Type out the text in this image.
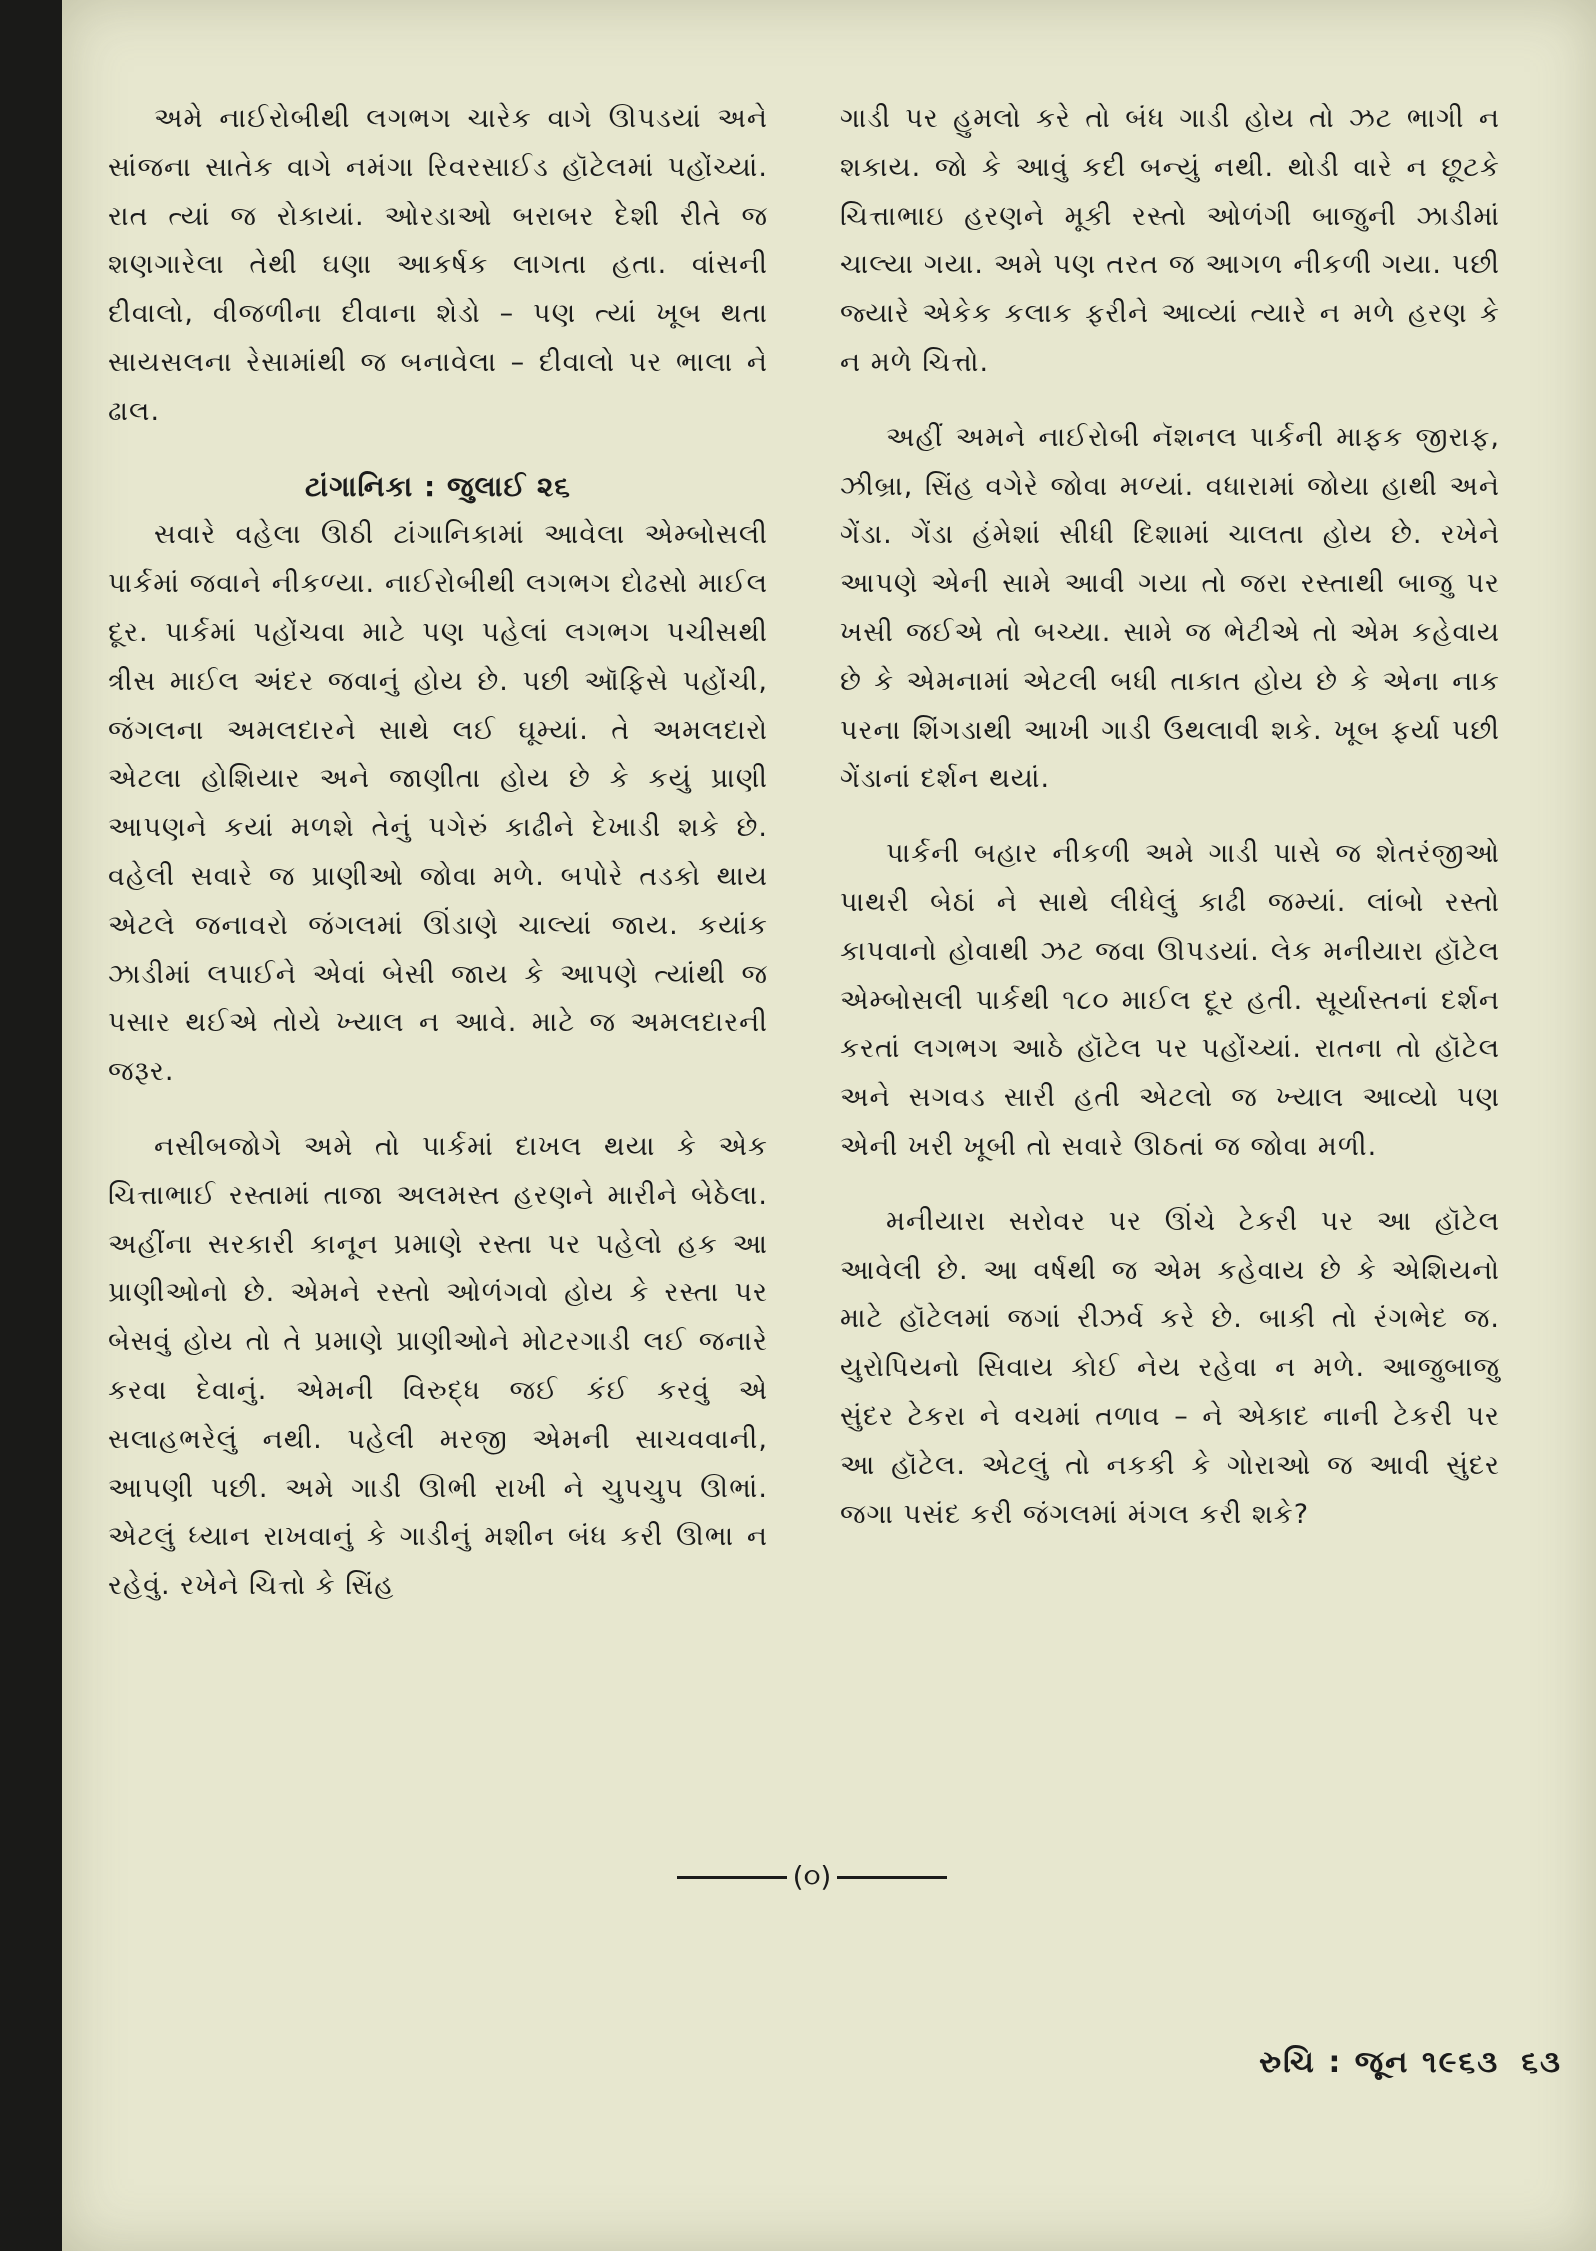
અમે નાઈરોબીથી લગભગ ચારેક વાગે ઊપડયાં અને સાંજના સાતેક વાગે નમંગા રિવરસાઈડ હૉટેલમાં પહોંચ્યાં. રાત ત્યાં જ રોકાયાં. ઓરડાઓ બરાબર દેશી રીતે જ શણગારેલા તેથી ઘણા આકર્ષક લાગતા હતા. વાંસની દીવાલો, વીજળીના દીવાના શેડો – પણ ત્યાં ખૂબ થતા સાયસલના રેસામાંથી જ બનાવેલા – દીવાલો પર ભાલા ને ઢાલ.

ટાંગાનિકા : જુલાઈ ૨૬

સવારે વહેલા ઊઠી ટાંગાનિકામાં આવેલા એમ્બોસલી પાર્કમાં જવાને નીકળ્યા. નાઈરોબીથી લગભગ દોઢસો માઈલ દૂર. પાર્કમાં પહોંચવા માટે પણ પહેલાં લગભગ પચીસથી ત્રીસ માઈલ અંદર જવાનું હોય છે. પછી ઑફિસે પહોંચી, જંગલના અમલદારને સાથે લઈ ઘૂમ્યાં. તે અમલદારો એટલા હોશિયાર અને જાણીતા હોય છે કે કયું પ્રાણી આપણને કયાં મળશે તેનું પગેરું કાઢીને દેખાડી શકે છે. વહેલી સવારે જ પ્રાણીઓ જોવા મળે. બપોરે તડકો થાય એટલે જનાવરો જંગલમાં ઊંડાણે ચાલ્યાં જાય. કયાંક ઝાડીમાં લપાઈને એવાં બેસી જાય કે આપણે ત્યાંથી જ પસાર થઈએ તોયે ખ્યાલ ન આવે. માટે જ અમલદારની જરૂર.

નસીબજોગે અમે તો પાર્કમાં દાખલ થયા કે એક ચિત્તાભાઈ રસ્તામાં તાજા અલમસ્ત હરણને મારીને બેઠેલા. અહીંના સરકારી કાનૂન પ્રમાણે રસ્તા પર પહેલો હક આ પ્રાણીઓનો છે. એમને રસ્તો ઓળંગવો હોય કે રસ્તા પર બેસવું હોય તો તે પ્રમાણે પ્રાણીઓને મોટરગાડી લઈ જનારે કરવા દેવાનું. એમની વિરુદ્ધ જઈ કંઈ કરવું એ સલાહભરેલું નથી. પહેલી મરજી એમની સાચવવાની, આપણી પછી. અમે ગાડી ઊભી રાખી ને ચુપચુપ ઊભાં. એટલું ધ્યાન રાખવાનું કે ગાડીનું મશીન બંધ કરી ઊભા ન રહેવું. રખેને ચિત્તો કે સિંહ

ગાડી પર હુમલો કરે તો બંધ ગાડી હોય તો ઝટ ભાગી ન શકાય. જો કે આવું કદી બન્યું નથી. થોડી વારે ન છૂટકે ચિત્તાભાઇ હરણને મૂકી રસ્તો ઓળંગી બાજુની ઝાડીમાં ચાલ્યા ગયા. અમે પણ તરત જ આગળ નીકળી ગયા. પછી જ્યારે એકેક કલાક ફરીને આવ્યાં ત્યારે ન મળે હરણ કે ન મળે ચિત્તો.

અહીં અમને નાઈરોબી નૅશનલ પાર્કની માફક જીરાફ, ઝીબ્રા, સિંહ વગેરે જોવા મળ્યાં. વધારામાં જોયા હાથી અને ગેંડા. ગેંડા હંમેશાં સીધી દિશામાં ચાલતા હોય છે. રખેને આપણે એની સામે આવી ગયા તો જરા રસ્તાથી બાજુ પર ખસી જઈએ તો બચ્યા. સામે જ ભેટીએ તો એમ કહેવાય છે કે એમનામાં એટલી બધી તાકાત હોય છે કે એના નાક પરના શિંગડાથી આખી ગાડી ઉથલાવી શકે. ખૂબ ફર્યા પછી ગેંડાનાં દર્શન થયાં.

પાર્કની બહાર નીકળી અમે ગાડી પાસે જ શેતરંજીઓ પાથરી બેઠાં ને સાથે લીધેલું કાઢી જમ્યાં. લાંબો રસ્તો કાપવાનો હોવાથી ઝટ જવા ઊપડયાં. લેક મનીયારા હૉટેલ એમ્બોસલી પાર્કથી ૧૮૦ માઈલ દૂર હતી. સૂર્યાસ્તનાં દર્શન કરતાં લગભગ આઠે હૉટેલ પર પહોંચ્યાં. રાતના તો હૉટેલ અને સગવડ સારી હતી એટલો જ ખ્યાલ આવ્યો પણ એની ખરી ખૂબી તો સવારે ઊઠતાં જ જોવા મળી.

મનીયારા સરોવર પર ઊંચે ટેકરી પર આ હૉટેલ આવેલી છે. આ વર્ષથી જ એમ કહેવાય છે કે એશિયનો માટે હૉટેલમાં જગાં રીઝર્વ કરે છે. બાકી તો રંગભેદ જ. યુરોપિયનો સિવાય કોઈ નેય રહેવા ન મળે. આજુબાજુ સુંદર ટેકરા ને વચમાં તળાવ – ને એકાદ નાની ટેકરી પર આ હૉટેલ. એટલું તો નકકી કે ગોરાઓ જ આવી સુંદર જગા પસંદ કરી જંગલમાં મંગલ કરી શકે?

(૦)
રુચિ : જૂન ૧૯૬૩ ૬૩
